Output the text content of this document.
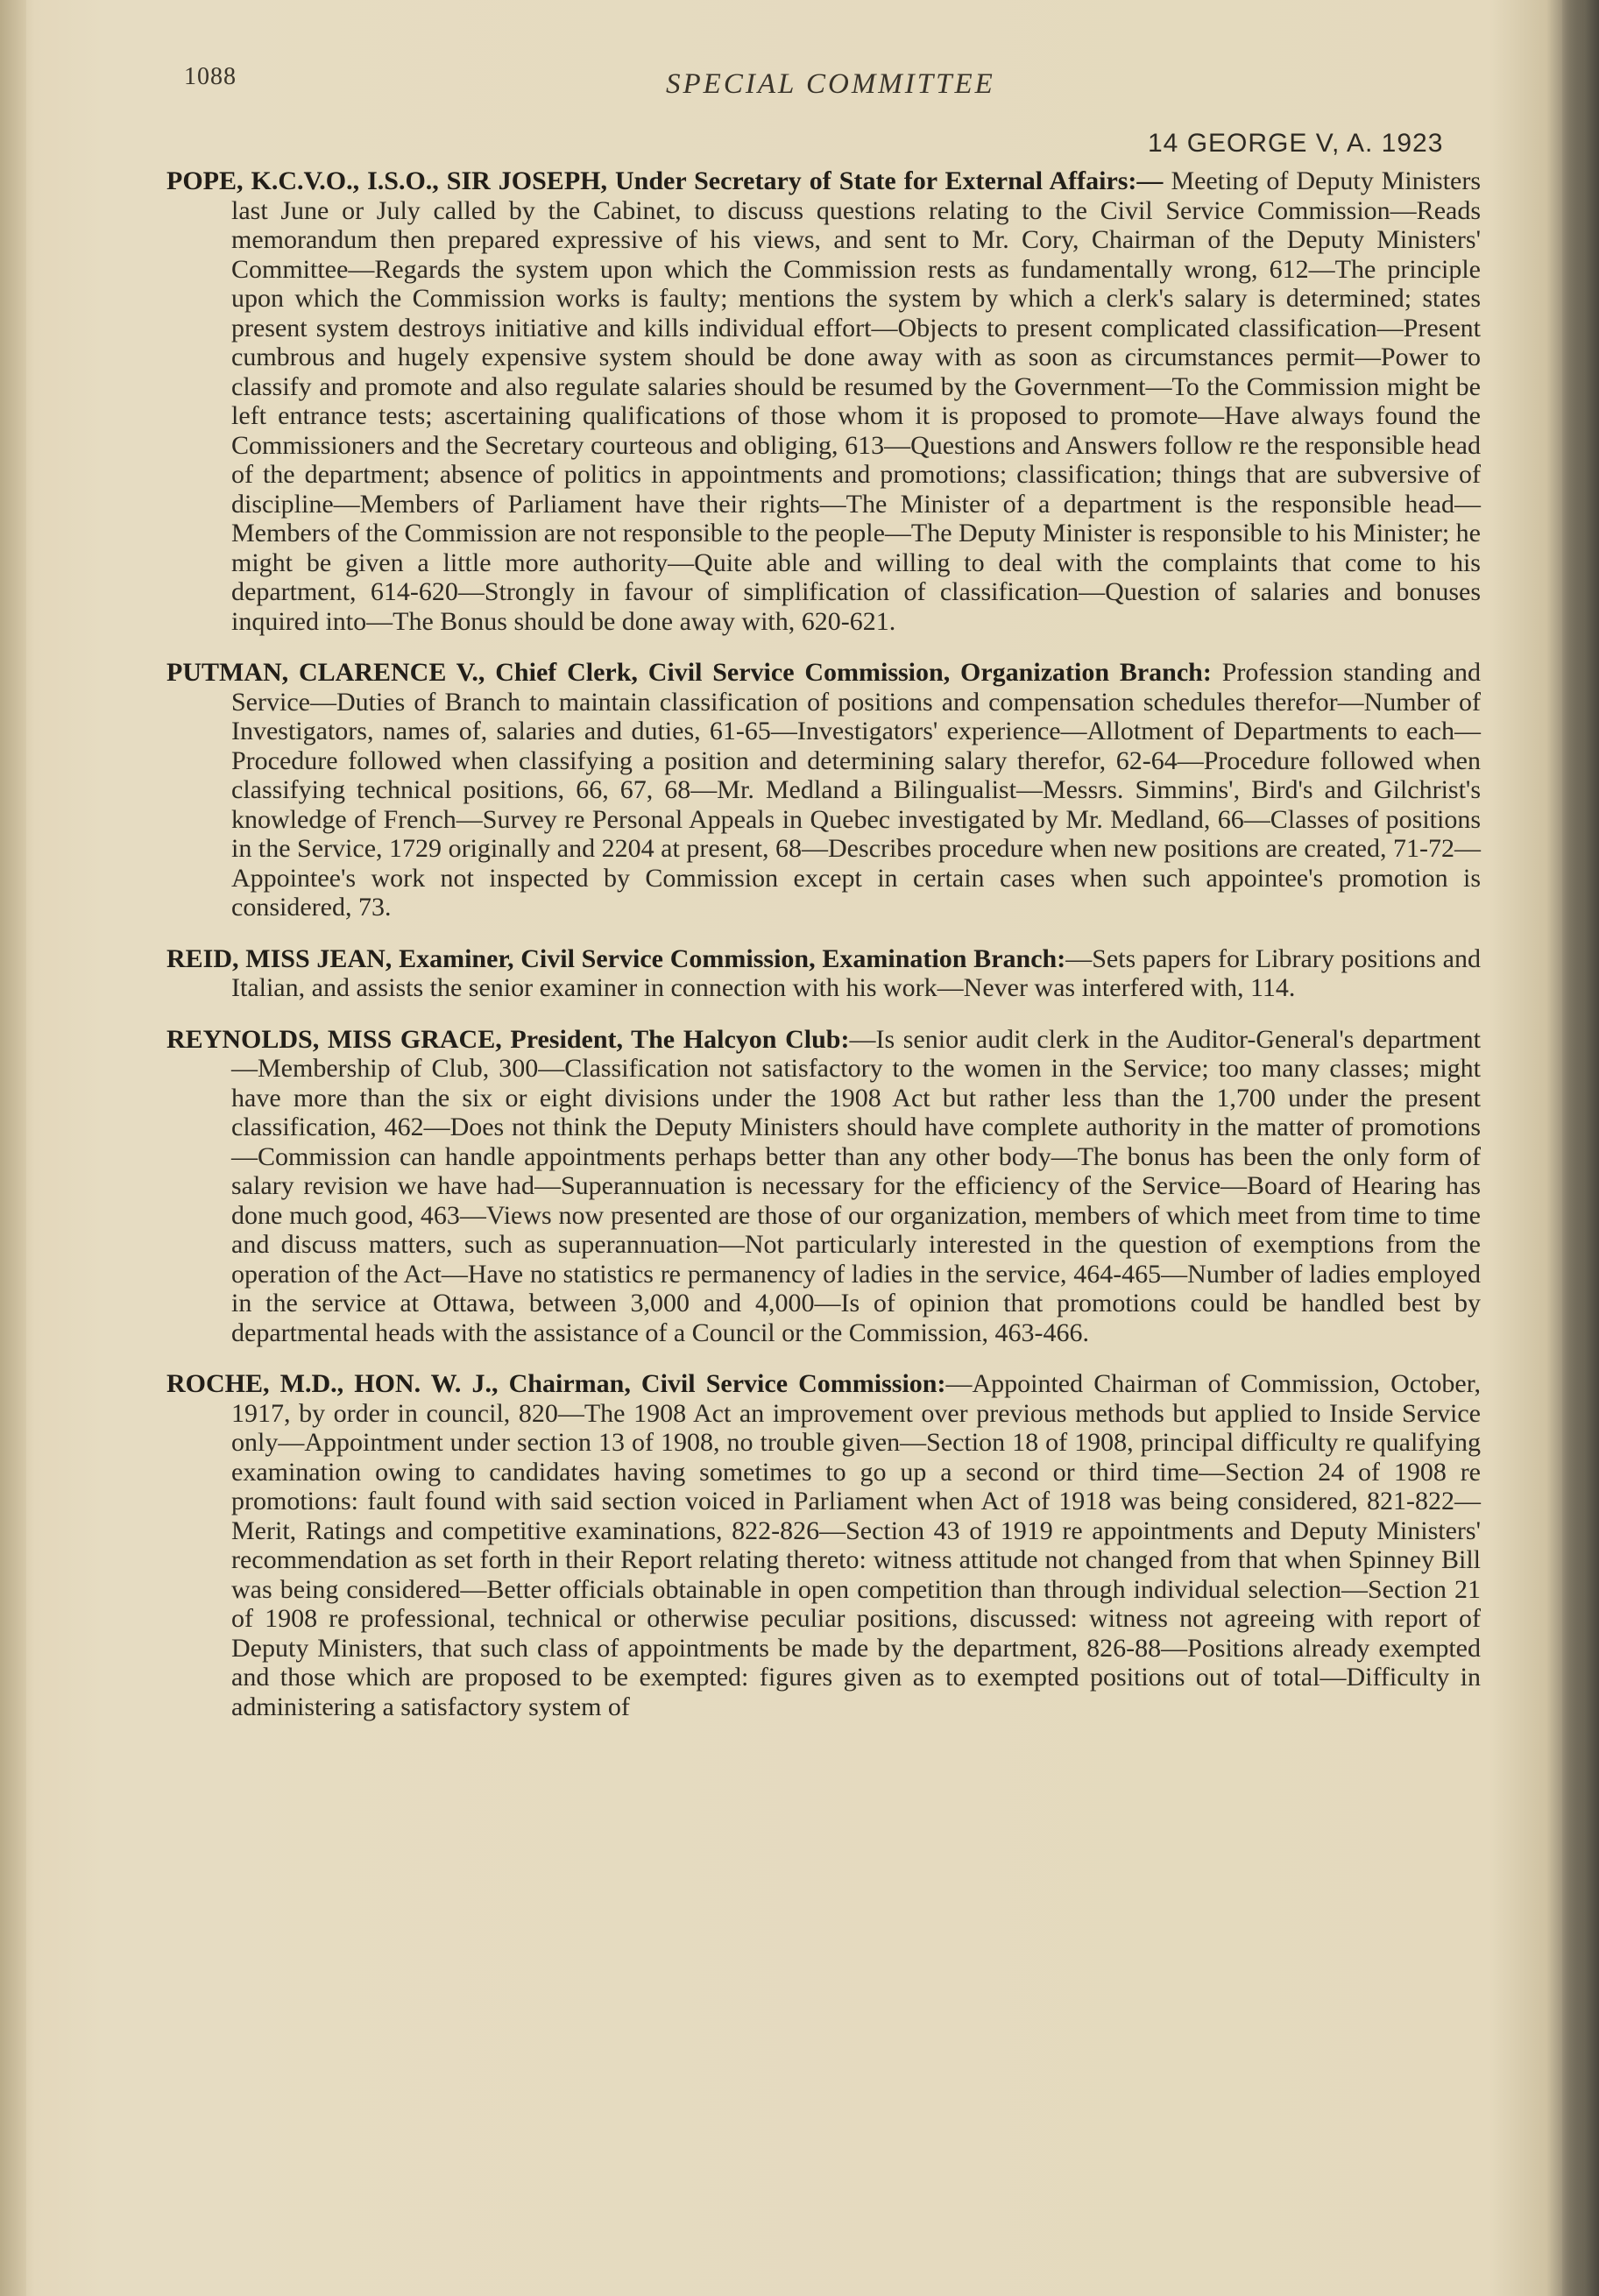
1088	SPECIAL COMMITTEE
14 GEORGE V, A. 1923

POPE, K.C.V.O., I.S.O., SIR JOSEPH, Under Secretary of State for External Affairs:— Meeting of Deputy Ministers last June or July called by the Cabinet, to discuss questions relating to the Civil Service Commission—Reads memorandum then prepared expressive of his views, and sent to Mr. Cory, Chairman of the Deputy Ministers' Committee—Regards the system upon which the Commission rests as fundamentally wrong, 612—The principle upon which the Commission works is faulty; mentions the system by which a clerk's salary is determined; states present system destroys initiative and kills individual effort—Objects to present complicated classification—Present cumbrous and hugely expensive system should be done away with as soon as circumstances permit—Power to classify and promote and also regulate salaries should be resumed by the Government—To the Commission might be left entrance tests; ascertaining qualifications of those whom it is proposed to promote—Have always found the Commissioners and the Secretary courteous and obliging, 613—Questions and Answers follow re the responsible head of the department; absence of politics in appointments and promotions; classification; things that are subversive of discipline—Members of Parliament have their rights—The Minister of a department is the responsible head—Members of the Commission are not responsible to the people—The Deputy Minister is responsible to his Minister; he might be given a little more authority—Quite able and willing to deal with the complaints that come to his department, 614-620—Strongly in favour of simplification of classification—Question of salaries and bonuses inquired into—The Bonus should be done away with, 620-621.

PUTMAN, CLARENCE V., Chief Clerk, Civil Service Commission, Organization Branch: Profession standing and Service—Duties of Branch to maintain classification of positions and compensation schedules therefor—Number of Investigators, names of, salaries and duties, 61-65—Investigators' experience—Allotment of Departments to each—Procedure followed when classifying a position and determining salary therefor, 62-64—Procedure followed when classifying technical positions, 66, 67, 68—Mr. Medland a Bilingualist—Messrs. Simmins', Bird's and Gilchrist's knowledge of French—Survey re Personal Appeals in Quebec investigated by Mr. Medland, 66—Classes of positions in the Service, 1729 originally and 2204 at present, 68—Describes procedure when new positions are created, 71-72—Appointee's work not inspected by Commission except in certain cases when such appointee's promotion is considered, 73.

REID, MISS JEAN, Examiner, Civil Service Commission, Examination Branch:—Sets papers for Library positions and Italian, and assists the senior examiner in connection with his work—Never was interfered with, 114.

REYNOLDS, MISS GRACE, President, The Halcyon Club:—Is senior audit clerk in the Auditor-General's department—Membership of Club, 300—Classification not satisfactory to the women in the Service; too many classes; might have more than the six or eight divisions under the 1908 Act but rather less than the 1,700 under the present classification, 462—Does not think the Deputy Ministers should have complete authority in the matter of promotions—Commission can handle appointments perhaps better than any other body—The bonus has been the only form of salary revision we have had—Superannuation is necessary for the efficiency of the Service—Board of Hearing has done much good, 463—Views now presented are those of our organization, members of which meet from time to time and discuss matters, such as superannuation—Not particularly interested in the question of exemptions from the operation of the Act—Have no statistics re permanency of ladies in the service, 464-465—Number of ladies employed in the service at Ottawa, between 3,000 and 4,000—Is of opinion that promotions could be handled best by departmental heads with the assistance of a Council or the Commission, 463-466.

ROCHE, M.D., HON. W. J., Chairman, Civil Service Commission:—Appointed Chairman of Commission, October, 1917, by order in council, 820—The 1908 Act an improvement over previous methods but applied to Inside Service only—Appointment under section 13 of 1908, no trouble given—Section 18 of 1908, principal difficulty re qualifying examination owing to candidates having sometimes to go up a second or third time—Section 24 of 1908 re promotions: fault found with said section voiced in Parliament when Act of 1918 was being considered, 821-822—Merit, Ratings and competitive examinations, 822-826—Section 43 of 1919 re appointments and Deputy Ministers' recommendation as set forth in their Report relating thereto: witness attitude not changed from that when Spinney Bill was being considered—Better officials obtainable in open competition than through individual selection—Section 21 of 1908 re professional, technical or otherwise peculiar positions, discussed: witness not agreeing with report of Deputy Ministers, that such class of appointments be made by the department, 826-88—Positions already exempted and those which are proposed to be exempted: figures given as to exempted positions out of total—Difficulty in administering a satisfactory system of
